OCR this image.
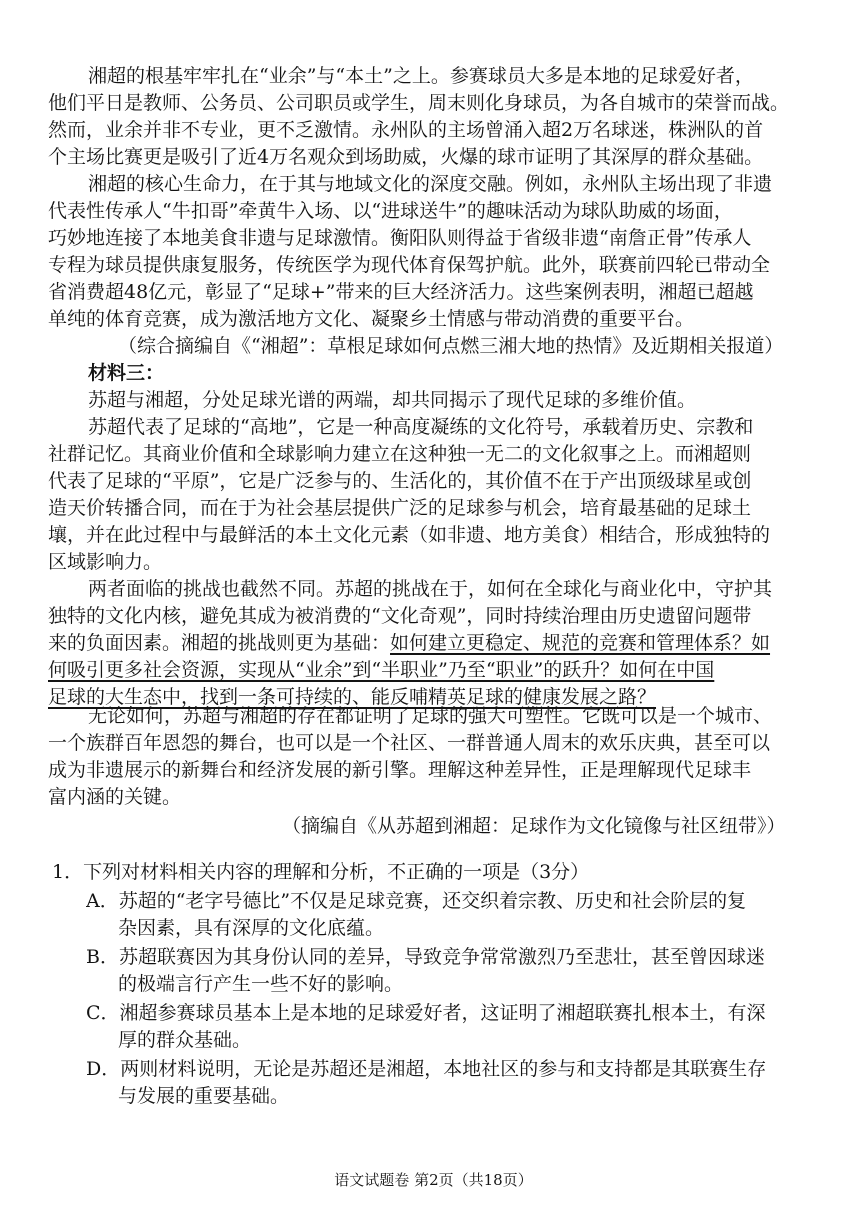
湘超的根基牢牢扎在“业余”与“本土”之上。参赛球员大多是本地的足球爱好者，
他们平日是教师、公务员、公司职员或学生，周末则化身球员，为各自城市的荣誉而战。
然而，业余并非不专业，更不乏激情。永州队的主场曾涌入超2万名球迷，株洲队的首
个主场比赛更是吸引了近4万名观众到场助威，火爆的球市证明了其深厚的群众基础。
湘超的核心生命力，在于其与地域文化的深度交融。例如，永州队主场出现了非遗
代表性传承人“牛扣哥”牵黄牛入场、以“进球送牛”的趣味活动为球队助威的场面，
巧妙地连接了本地美食非遗与足球激情。衡阳队则得益于省级非遗“南詹正骨”传承人
专程为球员提供康复服务，传统医学为现代体育保驾护航。此外，联赛前四轮已带动全
省消费超48亿元，彰显了“足球+”带来的巨大经济活力。这些案例表明，湘超已超越
单纯的体育竞赛，成为激活地方文化、凝聚乡土情感与带动消费的重要平台。
（综合摘编自《“湘超”：草根足球如何点燃三湘大地的热情》及近期相关报道）
材料三：
苏超与湘超，分处足球光谱的两端，却共同揭示了现代足球的多维价值。
苏超代表了足球的“高地”，它是一种高度凝练的文化符号，承载着历史、宗教和
社群记忆。其商业价值和全球影响力建立在这种独一无二的文化叙事之上。而湘超则
代表了足球的“平原”，它是广泛参与的、生活化的，其价值不在于产出顶级球星或创
造天价转播合同，而在于为社会基层提供广泛的足球参与机会，培育最基础的足球土
壤，并在此过程中与最鲜活的本土文化元素（如非遗、地方美食）相结合，形成独特的
区域影响力。
两者面临的挑战也截然不同。苏超的挑战在于，如何在全球化与商业化中，守护其
独特的文化内核，避免其成为被消费的“文化奇观”，同时持续治理由历史遗留问题带
来的负面因素。湘超的挑战则更为基础：如何建立更稳定、规范的竞赛和管理体系？如
何吸引更多社会资源，实现从“业余”到“半职业”乃至“职业”的跃升？如何在中国
足球的大生态中，找到一条可持续的、能反哺精英足球的健康发展之路？
无论如何，苏超与湘超的存在都证明了足球的强大可塑性。它既可以是一个城市、
一个族群百年恩怨的舞台，也可以是一个社区、一群普通人周末的欢乐庆典，甚至可以
成为非遗展示的新舞台和经济发展的新引擎。理解这种差异性，正是理解现代足球丰
富内涵的关键。
（摘编自《从苏超到湘超：足球作为文化镜像与社区纽带》）
1．下列对材料相关内容的理解和分析，不正确的一项是（3分）
A．苏超的“老字号德比”不仅是足球竞赛，还交织着宗教、历史和社会阶层的复
杂因素，具有深厚的文化底蕴。
B．苏超联赛因为其身份认同的差异，导致竞争常常激烈乃至悲壮，甚至曾因球迷
的极端言行产生一些不好的影响。
C．湘超参赛球员基本上是本地的足球爱好者，这证明了湘超联赛扎根本土，有深
厚的群众基础。
D．两则材料说明，无论是苏超还是湘超，本地社区的参与和支持都是其联赛生存
与发展的重要基础。
语文试题卷 第2页（共18页）
